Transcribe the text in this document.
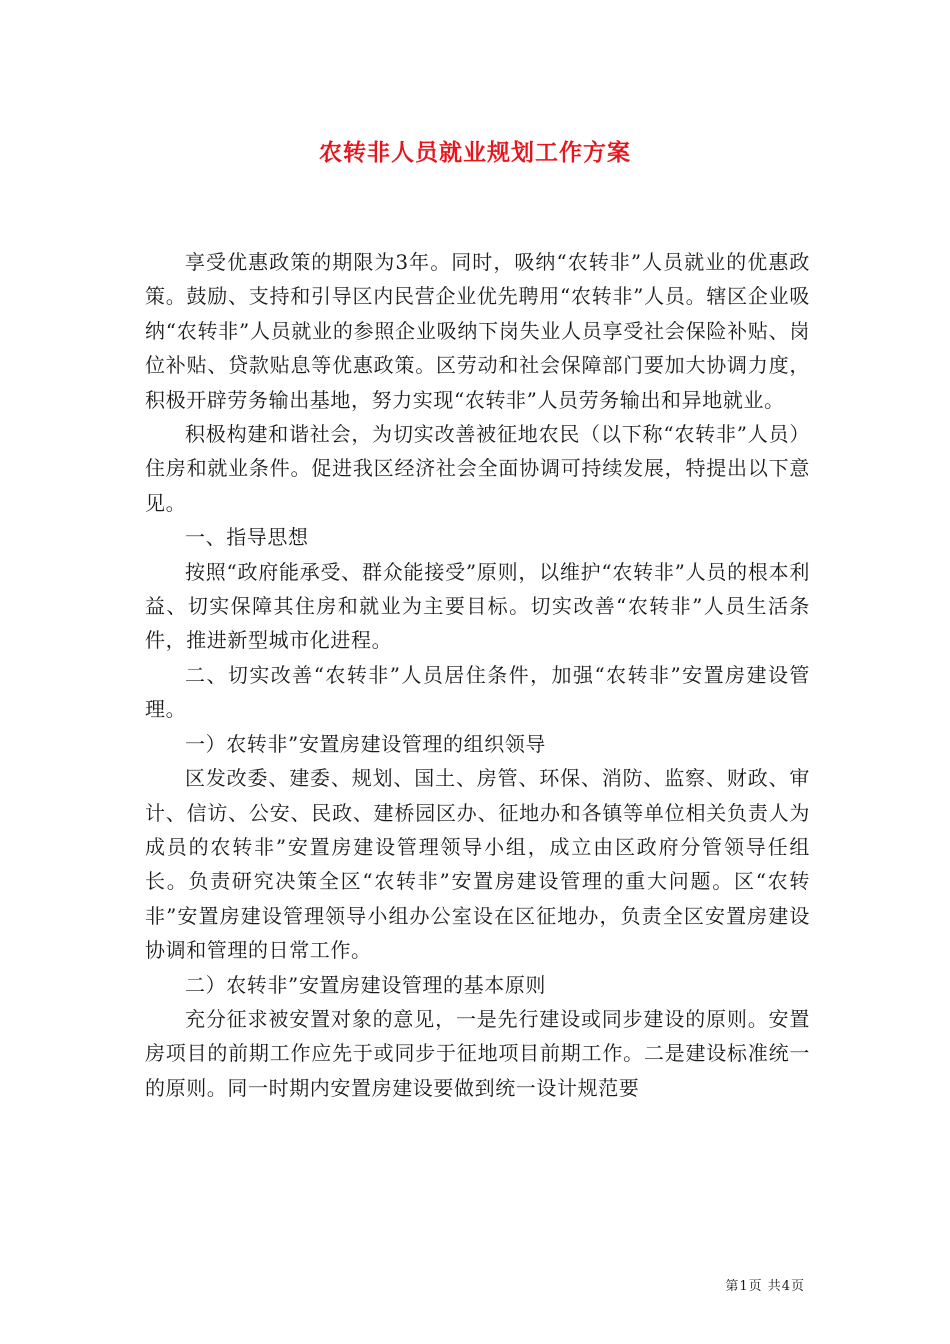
农转非人员就业规划工作方案

享受优惠政策的期限为3年。同时，吸纳“农转非”人员就业的优惠政策。鼓励、支持和引导区内民营企业优先聘用“农转非”人员。辖区企业吸纳“农转非”人员就业的参照企业吸纳下岗失业人员享受社会保险补贴、岗位补贴、贷款贴息等优惠政策。区劳动和社会保障部门要加大协调力度，积极开辟劳务输出基地，努力实现“农转非”人员劳务输出和异地就业。

积极构建和谐社会，为切实改善被征地农民（以下称“农转非”人员）住房和就业条件。促进我区经济社会全面协调可持续发展，特提出以下意见。

一、指导思想

按照“政府能承受、群众能接受”原则，以维护“农转非”人员的根本利益、切实保障其住房和就业为主要目标。切实改善“农转非”人员生活条件，推进新型城市化进程。

二、切实改善“农转非”人员居住条件，加强“农转非”安置房建设管理。

一）农转非”安置房建设管理的组织领导

区发改委、建委、规划、国土、房管、环保、消防、监察、财政、审计、信访、公安、民政、建桥园区办、征地办和各镇等单位相关负责人为成员的农转非”安置房建设管理领导小组，成立由区政府分管领导任组长。负责研究决策全区“农转非”安置房建设管理的重大问题。区“农转非”安置房建设管理领导小组办公室设在区征地办，负责全区安置房建设协调和管理的日常工作。

二）农转非”安置房建设管理的基本原则

充分征求被安置对象的意见，一是先行建设或同步建设的原则。安置房项目的前期工作应先于或同步于征地项目前期工作。二是建设标准统一的原则。同一时期内安置房建设要做到统一设计规范要

第1页 共4页
